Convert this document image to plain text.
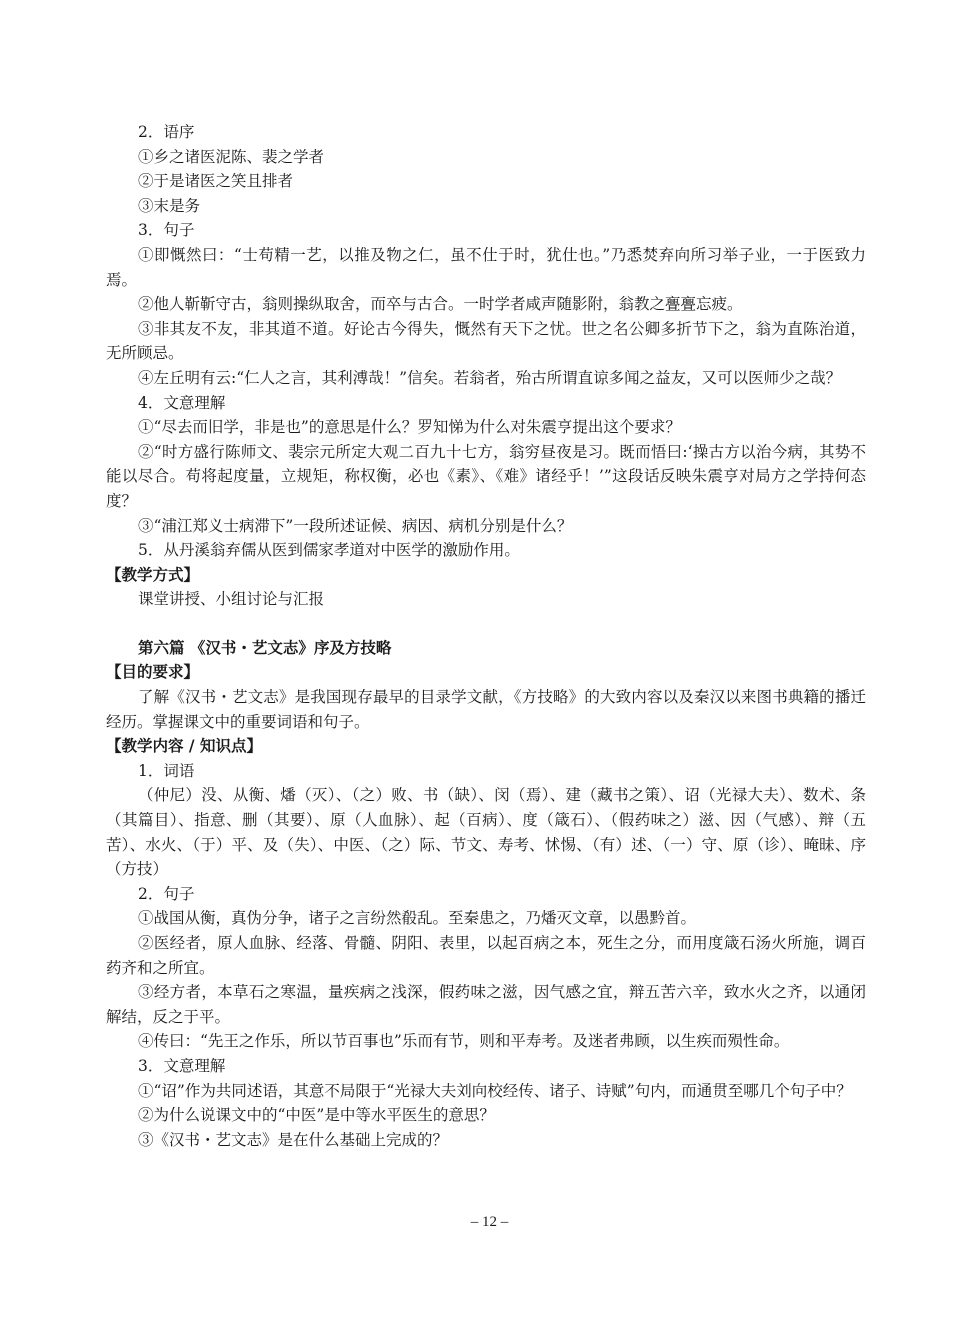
2．语序

①乡之诸医泥陈、裴之学者

②于是诸医之笑且排者

③末是务

3．句子

①即慨然曰：“士苟精一艺，以推及物之仁，虽不仕于时，犹仕也。”乃悉焚弃向所习举子业，一于医致力焉。

②他人靳靳守古，翁则操纵取舍，而卒与古合。一时学者咸声随影附，翁教之亹亹忘疲。

③非其友不友，非其道不道。好论古今得失，慨然有天下之忧。世之名公卿多折节下之，翁为直陈治道，无所顾忌。

④左丘明有云:“仁人之言，其利溥哉！”信矣。若翁者，殆古所谓直谅多闻之益友，又可以医师少之哉？

4．文意理解

①“尽去而旧学，非是也”的意思是什么？罗知悌为什么对朱震亨提出这个要求？

②“时方盛行陈师文、裴宗元所定大观二百九十七方，翁穷昼夜是习。既而悟曰:‘操古方以治今病，其势不能以尽合。苟将起度量，立规矩，称权衡，必也《素》、《难》诸经乎！’”这段话反映朱震亨对局方之学持何态度？

③“浦江郑义士病滞下”一段所述证候、病因、病机分别是什么？

5．从丹溪翁弃儒从医到儒家孝道对中医学的激励作用。

【教学方式】

课堂讲授、小组讨论与汇报

第六篇 《汉书・艺文志》序及方技略

【目的要求】

了解《汉书・艺文志》是我国现存最早的目录学文献，《方技略》的大致内容以及秦汉以来图书典籍的播迁经历。掌握课文中的重要词语和句子。

【教学内容 / 知识点】

1．词语

（仲尼）没、从衡、燔（灭）、（之）败、书（缺）、闵（焉）、建（藏书之策）、诏（光禄大夫）、数术、条（其篇目）、指意、删（其要）、原（人血脉）、起（百病）、度（箴石）、（假药味之）滋、因（气感）、辩（五苦）、水火、（于）平、及（失）、中医、（之）际、节文、寿考、怵惕、（有）述、（一）守、原（诊）、晻昧、序（方技）

2．句子

①战国从衡，真伪分争，诸子之言纷然殽乱。至秦患之，乃燔灭文章，以愚黔首。

②医经者，原人血脉、经落、骨髓、阴阳、表里，以起百病之本，死生之分，而用度箴石汤火所施，调百药齐和之所宜。

③经方者，本草石之寒温，量疾病之浅深，假药味之滋，因气感之宜，辩五苦六辛，致水火之齐，以通闭解结，反之于平。

④传曰：“先王之作乐，所以节百事也”乐而有节，则和平寿考。及迷者弗顾，以生疾而殒性命。

3．文意理解

①“诏”作为共同述语，其意不局限于“光禄大夫刘向校经传、诸子、诗赋”句内，而通贯至哪几个句子中？

②为什么说课文中的“中医”是中等水平医生的意思？

③《汉书・艺文志》是在什么基础上完成的？

– 12 –
